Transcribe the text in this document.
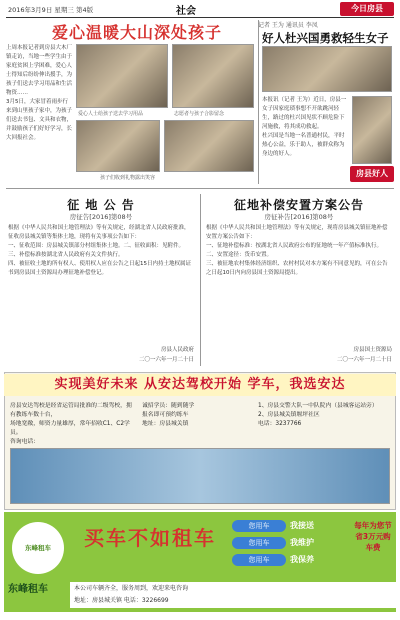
2016年3月9日 星期三 第4版	社会	今日房县
爱心温暖大山深处孩子

上周本报记者到房县大木厂镇走访，当地一些学生由于家庭贫困上学困难，爱心人士得知后纷纷伸出援手，为孩子们送去学习用品和生活物资……

3月5日，大家冒着雨步行来到山里孩子家中，为孩子们送去书包、文具和衣物，并鼓励孩子们好好学习，长大回报社会。

爱心人士给孩子送去学习用品	志愿者与孩子合影留念
孩子们收到礼物露出笑容
记者 王为 通讯员 李凤
好人杜兴国勇救轻生女子

本报讯（记者 王为）近日，房县一女子因家庭琐事想不开欲跳河轻生，路过的杜兴国见状不顾危险下河施救，将其成功救起。

杜兴国是当地一名普通村民，平时热心公益，乐于助人，被群众称为身边的好人。

房县好人
征 地 公 告
房征告[2016]第08号

根据《中华人民共和国土地管理法》等有关规定，经湖北省人民政府批准，征收房县城关镇等集体土地，现将有关事项公告如下：

一、征收范围：房县城关镇部分村组集体土地。二、征收面积：见附件。三、补偿标准按湖北省人民政府有关文件执行。

四、被征收土地的所有权人、使用权人应在公告之日起15日内持土地权属证书到房县国土资源局办理征地补偿登记。

房县人民政府
二〇一六年一月二十日
征地补偿安置方案公告
房征补告[2016]第08号

根据《中华人民共和国土地管理法》等有关规定，现将房县城关镇征地补偿安置方案公告如下：

一、征地补偿标准：按湖北省人民政府公布的征地统一年产值标准执行。二、安置途径：货币安置。

三、被征地农村集体经济组织、农村村民对本方案有不同意见的，可在公告之日起10日内向房县国土资源局提出。

房县国土资源局
二〇一六年一月二十日
实现美好未来 从安达驾校开始 学车，我选安达

房县安达驾校是经省运管局批准的二级驾校，拥有教练车数十台，

场地宽敞，师资力量雄厚，常年招收C1、C2学员。

咨询电话：

诚招学员：随到随学

报名即可预约练车

地址：房县城关镇

1、房县交警大队一中队院内（县城客运站旁）

2、房县城关镇堰坪社区

电话：3237766

东峰租车	买车不如租车	您用车	我接送
您用车	我维护
您用车	我保养
每年为您节省3万元购车费
东峰租车	本公司车辆齐全，服务周到，欢迎来电咨询

地址：房县城关镇 电话：3226699
